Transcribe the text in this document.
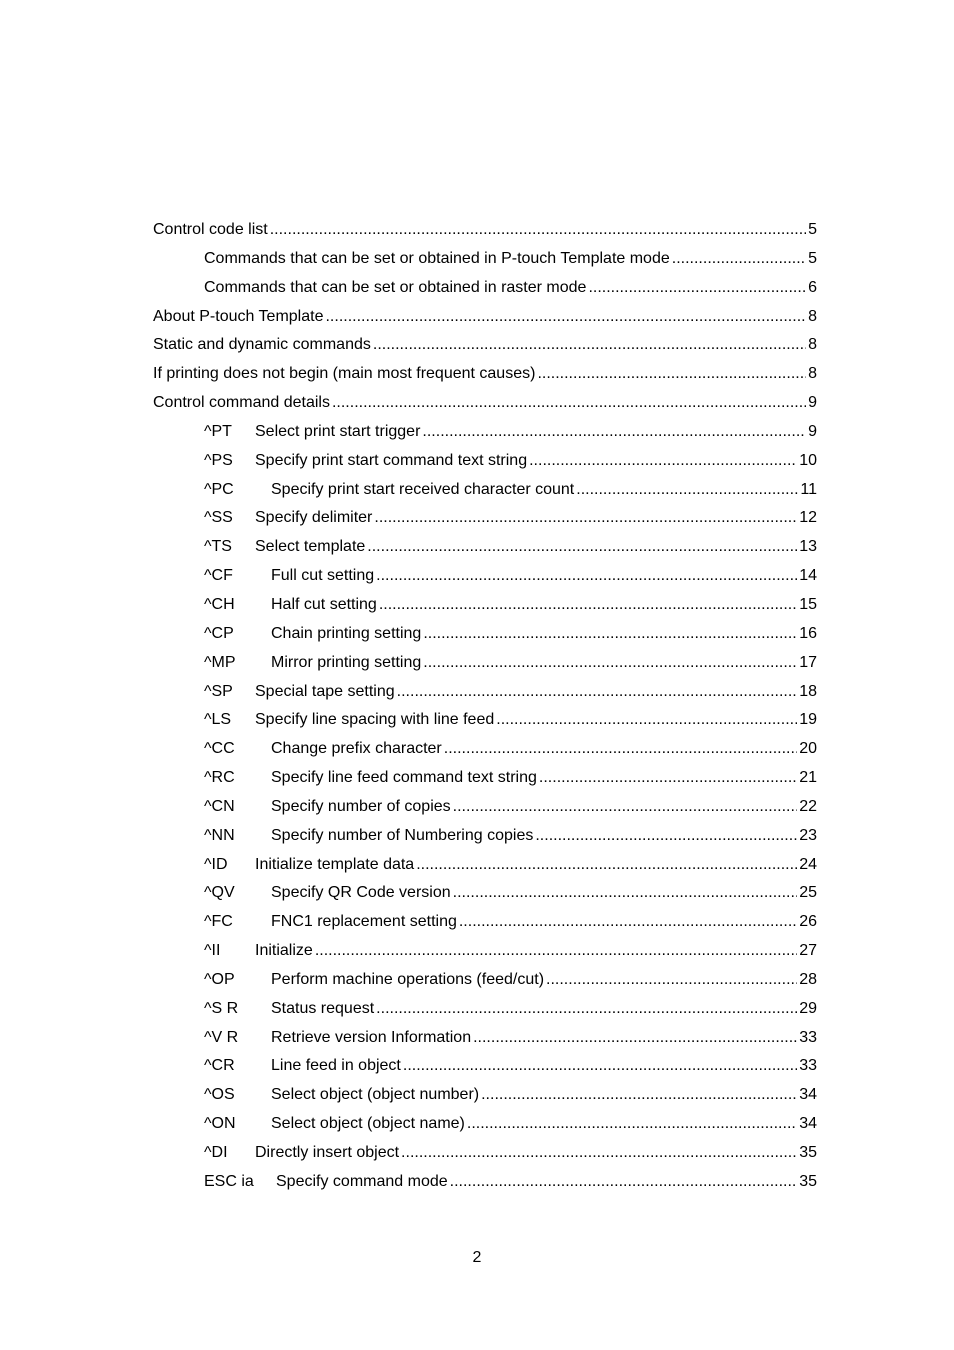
Control code list .....	5
Commands that can be set or obtained in P-touch Template mode .....	5
Commands that can be set or obtained in raster mode .....	6
About P-touch Template .....	8
Static and dynamic commands .....	8
If printing does not begin (main most frequent causes) .....	8
Control command details .....	9
^PT	Select print start trigger .....	9
^PS	Specify print start command text string .....	10
^PC	Specify print start received character count .....	11
^SS	Specify delimiter .....	12
^TS	Select template .....	13
^CF	Full cut setting .....	14
^CH	Half cut setting .....	15
^CP	Chain printing setting .....	16
^MP	Mirror printing setting .....	17
^SP	Special tape setting .....	18
^LS	Specify line spacing with line feed .....	19
^CC	Change prefix character .....	20
^RC	Specify line feed command text string .....	21
^CN	Specify number of copies .....	22
^NN	Specify number of Numbering copies .....	23
^ID	Initialize template data .....	24
^QV	Specify QR Code version .....	25
^FC	FNC1 replacement setting .....	26
^II	Initialize .....	27
^OP	Perform machine operations (feed/cut) .....	28
^S R	Status request .....	29
^V R	Retrieve version Information .....	33
^CR	Line feed in object .....	33
^OS	Select object (object number) .....	34
^ON	Select object (object name) .....	34
^DI	Directly insert object .....	35
ESC ia	Specify command mode .....	35
2
